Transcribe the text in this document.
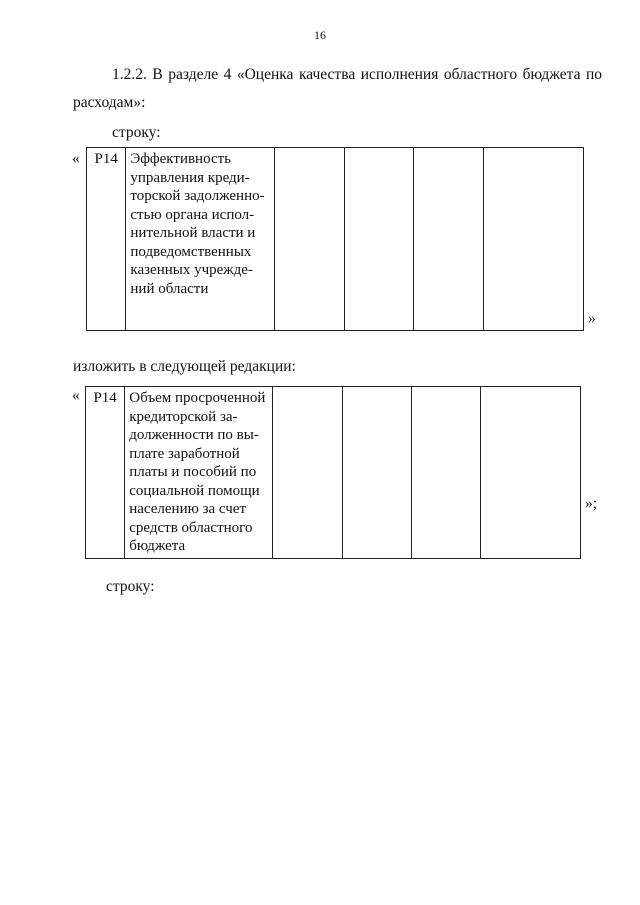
16
1.2.2. В разделе 4 «Оценка качества исполнения областного бюджета по
расходам»:
строку:
« Р14	Эффективность
управления креди-
торской задолженно-
стью органа испол-
нительной власти и
подведомственных
казенных учрежде-
ний области				
»
изложить в следующей редакции:
« Р14	Объем просроченной
кредиторской за-
долженности по вы-
плате заработной
платы и пособий по
социальной помощи
населению за счет
средств областного
бюджета				
»;
строку:
